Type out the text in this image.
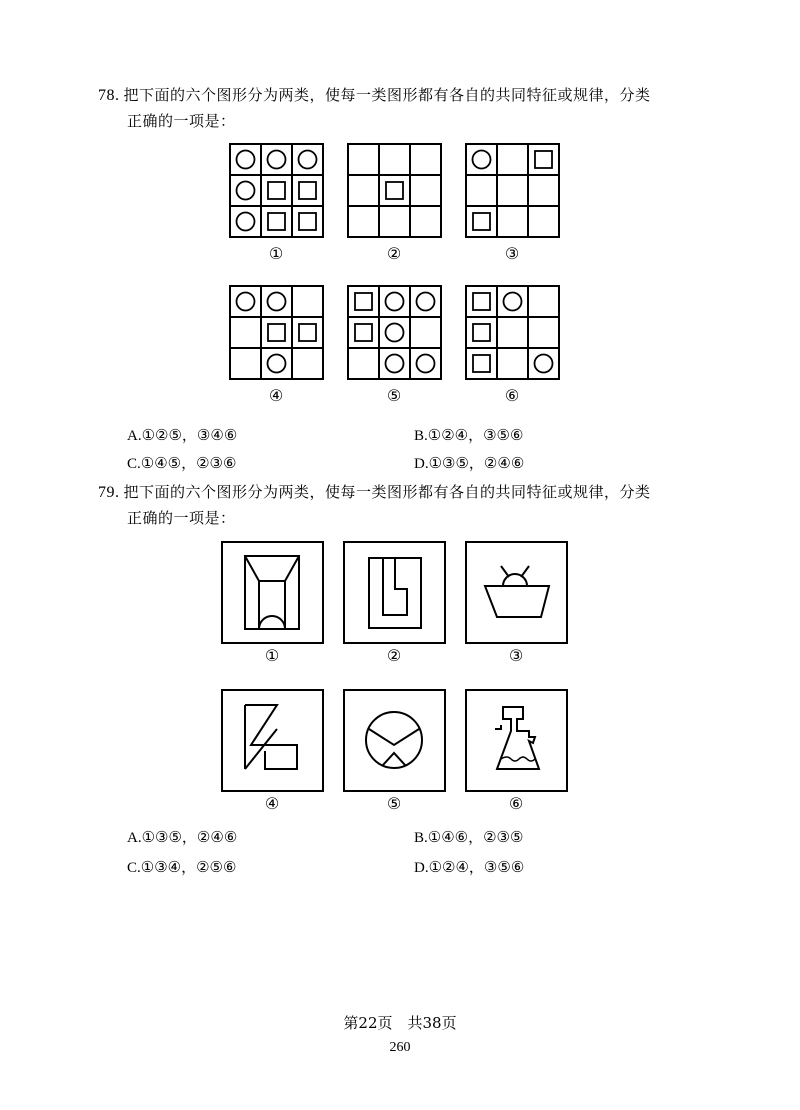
78. 把下面的六个图形分为两类，使每一类图形都有各自的共同特征或规律，分类
正确的一项是：
①	②	③
④	⑤	⑥
A.①②⑤，③④⑥	B.①②④，③⑤⑥
C.①④⑤，②③⑥	D.①③⑤，②④⑥
79. 把下面的六个图形分为两类，使每一类图形都有各自的共同特征或规律，分类
正确的一项是：
①	②	③
④	⑤	⑥
A.①③⑤，②④⑥	B.①④⑥，②③⑤
C.①③④，②⑤⑥	D.①②④，③⑤⑥
第22页　共38页
260
